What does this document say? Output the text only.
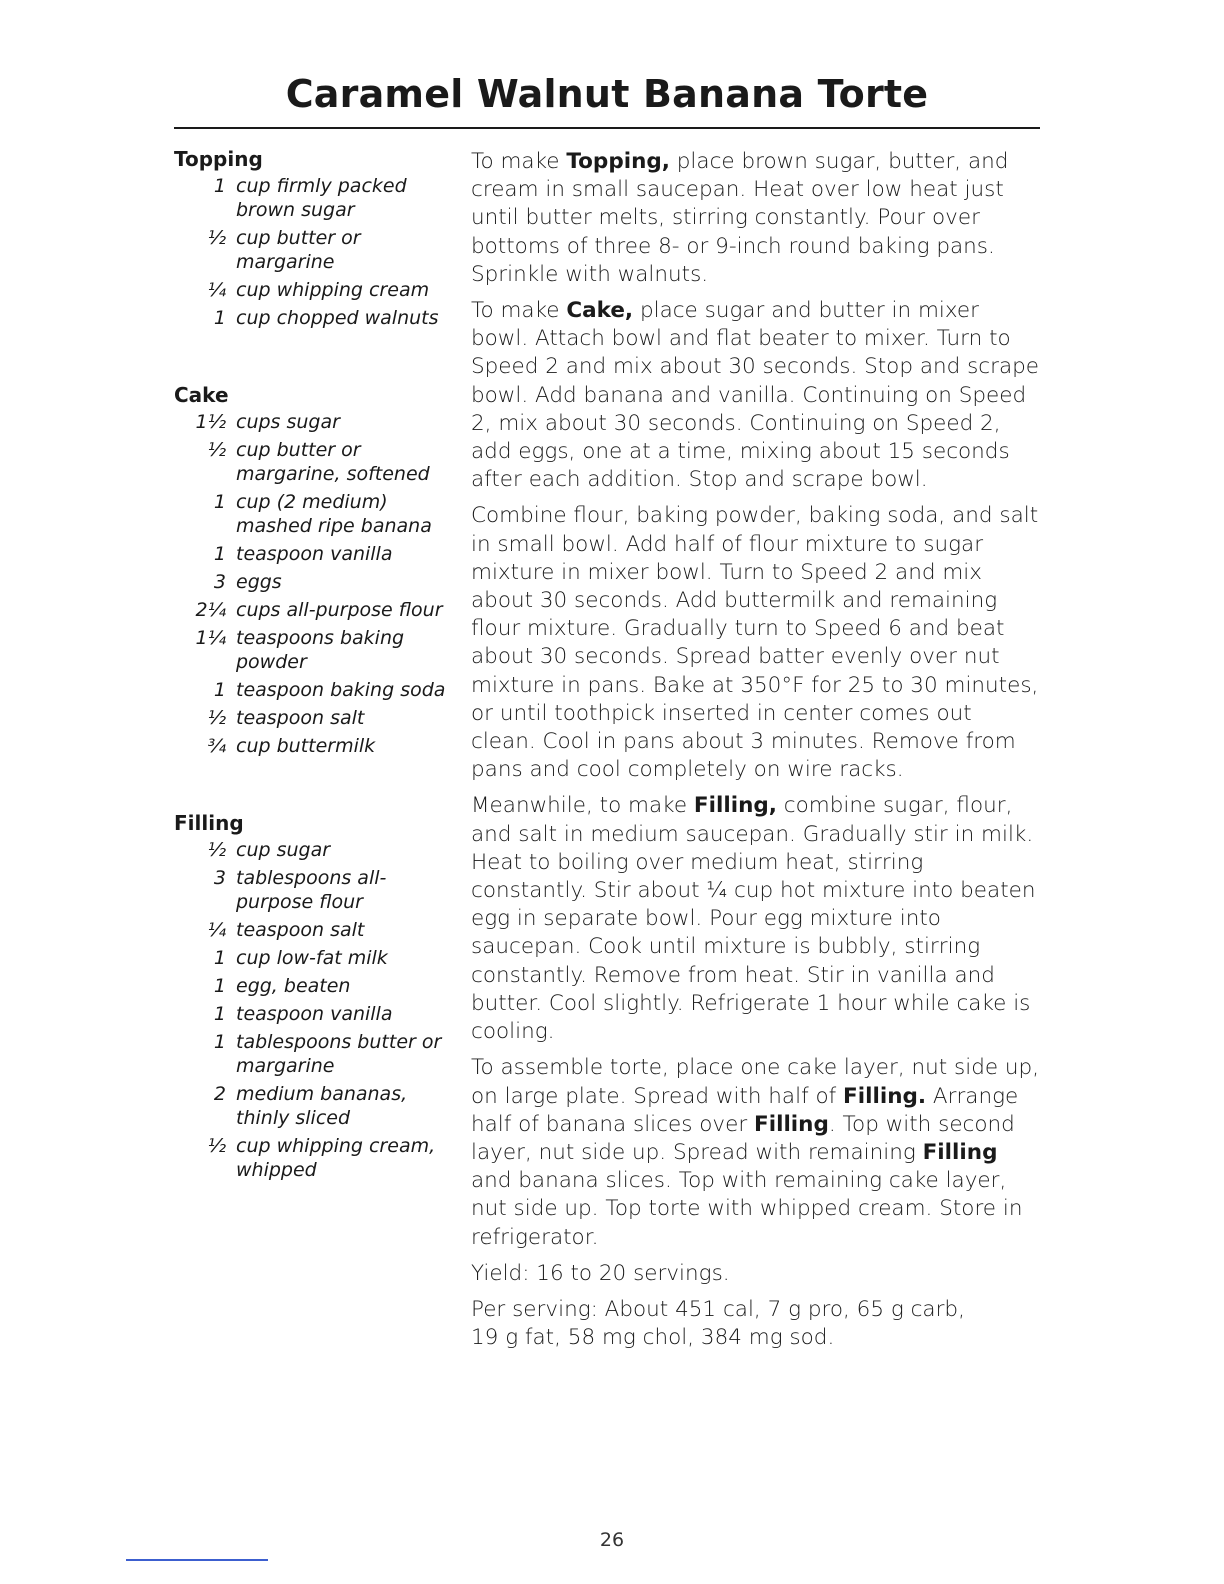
Caramel Walnut Banana Torte
Topping
1 cup firmly packed brown sugar
½ cup butter or margarine
¼ cup whipping cream
1 cup chopped walnuts
Cake
1½ cups sugar
½ cup butter or margarine, softened
1 cup (2 medium) mashed ripe banana
1 teaspoon vanilla
3 eggs
2¼ cups all-purpose flour
1¼ teaspoons baking powder
1 teaspoon baking soda
½ teaspoon salt
¾ cup buttermilk
Filling
½ cup sugar
3 tablespoons all-purpose flour
¼ teaspoon salt
1 cup low-fat milk
1 egg, beaten
1 teaspoon vanilla
1 tablespoons butter or margarine
2 medium bananas, thinly sliced
½ cup whipping cream, whipped

To make Topping, place brown sugar, butter, and cream in small saucepan. Heat over low heat just until butter melts, stirring constantly. Pour over bottoms of three 8- or 9-inch round baking pans. Sprinkle with walnuts.

To make Cake, place sugar and butter in mixer bowl. Attach bowl and flat beater to mixer. Turn to Speed 2 and mix about 30 seconds. Stop and scrape bowl. Add banana and vanilla. Continuing on Speed 2, mix about 30 seconds. Continuing on Speed 2, add eggs, one at a time, mixing about 15 seconds after each addition. Stop and scrape bowl.

Combine flour, baking powder, baking soda, and salt in small bowl. Add half of flour mixture to sugar mixture in mixer bowl. Turn to Speed 2 and mix about 30 seconds. Add buttermilk and remaining flour mixture. Gradually turn to Speed 6 and beat about 30 seconds. Spread batter evenly over nut mixture in pans. Bake at 350°F for 25 to 30 minutes, or until toothpick inserted in center comes out clean. Cool in pans about 3 minutes. Remove from pans and cool completely on wire racks.

Meanwhile, to make Filling, combine sugar, flour, and salt in medium saucepan. Gradually stir in milk. Heat to boiling over medium heat, stirring constantly. Stir about ¼ cup hot mixture into beaten egg in separate bowl. Pour egg mixture into saucepan. Cook until mixture is bubbly, stirring constantly. Remove from heat. Stir in vanilla and butter. Cool slightly. Refrigerate 1 hour while cake is cooling.

To assemble torte, place one cake layer, nut side up, on large plate. Spread with half of Filling. Arrange half of banana slices over Filling. Top with second layer, nut side up. Spread with remaining Filling and banana slices. Top with remaining cake layer, nut side up. Top torte with whipped cream. Store in refrigerator.

Yield: 16 to 20 servings.

Per serving: About 451 cal, 7 g pro, 65 g carb,
19 g fat, 58 mg chol, 384 mg sod.

26
